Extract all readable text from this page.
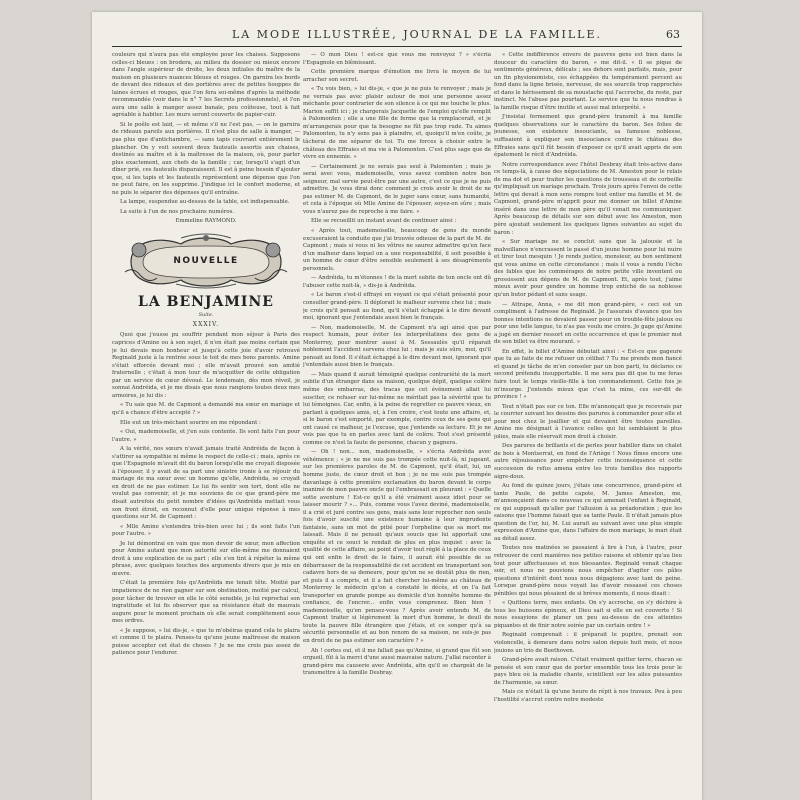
LA MODE ILLUSTRÉE, JOURNAL DE LA FAMILLE.	63

couleurs qui n'aura pas été employée pour les chaises. Supposons celles-ci bleues : on brodera, au milieu du dossier ou mieux encore dans l'angle supérieur de droite, les deux initiales du maître de la maison en plusieurs nuances bleues et rouges. On garnira les bords de devant des rideaux et des portières avec de petites houppes de laines écrues et rouges, que l'on fera soi-même d'après la méthode recommandée (voir dans le n° 7 les Secrets professionnels), et l'on aura une salle à manger assez banale, peu coûteuse, tout à fait agréable à habiter. Les murs seront couverts de papier-cuir.

Si le poêle est laid, — et même s'il ne l'est pas, — on le garnira de rideaux pareils aux portières. Il n'est plus de salle à manger, — pas plus que d'antichambre, — sans tapis couvrant entièrement le plancher. On y voit souvent deux fauteuils assortis aux chaises, destinés au maître et à la maîtresse de la maison, où, pour parler plus exactement, aux chefs de la famille ; car, lorsqu'il s'agit d'un dîner prié, ces fauteuils disparaissent. Il est à peine besoin d'ajouter que, si les tapis et les fauteuils représentent une dépense que l'on ne peut faire, on les supprime. J'indique ici le confort moderne, et ne puis le séparer des dépenses qu'il entraîne.

La lampe, suspendue au-dessus de la table, est indispensable.

La suite à l'un de nos prochains numéros.

Emmeline RAYMOND.
NOUVELLE
LA BENJAMINE
Suite.
XXXIV.

Quoi que j'eusse pu souffrir pendant mon séjour à Paris des caprices d'Amine ou à son sujet, il n'en était pas moins certain que je lui devais mon bonheur et jusqu'à cette joie d'avoir retrouvé Reginald juste à la rentrée sous le toit de mes bons parents. Amine s'était efforcée devant moi ; elle m'avait prouvé son amitié fraternelle ; c'était à mon tour de m'acquitter de cette obligation par un service de cœur dévoué. Le lendemain, dès mon réveil, je sonnai Andréida, et je me disais que nous rangions toutes deux mes armoires, je lui dis :

« Tu sais que M. de Capmont a demandé ma sœur en mariage et qu'il a chance d'être accepté ? »

Elle eut un très-méchant sourire en me répondant :

« Oui, mademoiselle, et j'en suis contente. Ils sont faits l'un pour l'autre. »

A la vérité, nos sœurs n'avait jamais traité Andréida de façon à s'attirer sa sympathie ni même le respect de celle-ci ; mais, après ce que l'Espagnole m'avait dit du baron lorsqu'elle me croyait disposée à l'épouser, il y avait de sa part une sinistre ironie à se réjouir du mariage de ma sœur avec un homme qu'elle, Andréida, se croyait en droit de ne pas estimer. Le lui fis sentir son tort, dont elle ne voulut pas convenir, et je me souviens de ce que grand-père me disait autrefois du petit nombre d'idées qu'Andréida mettait vous son front étroit, en reconnut d'elle pour unique réponse à mes questions sur M. de Capmont :

« Mlle Amine s'entendra très-bien avec lui ; ils sont faits l'un pour l'autre. »

Je lui démontrai en vain que mon devoir de sœur, mon affection pour Amine autant que mon autorité sur elle-même me donnaient droit à une explication de sa part ; elle s'en tint à répéter la même phrase, avec quelques touches des arguments divers que je mis en œuvre.

C'était la première fois qu'Andréida me tenait tête. Moitié par impatience de ne rien gagner sur son obstination, moitié par calcul, pour tâcher de trouver en elle le côté sensible, je lui reprochai son ingratitude et lui fis observer que sa résistance était de mauvais augure pour le moment prochain où elle serait complètement sous mes ordres.

« Je suppose, » lui dis-je, « que tu m'obéiras quand cela te plaira et comme il te plaira. Penses-tu qu'une jeune maîtresse de maison puisse accepter cet état de choses ? Je ne me crois pas assez de patience pour l'endurer.

— O mon Dieu ! est-ce que vous me renvoyez ? » s'écria l'Espagnole en blêmissant.

Cette première marque d'émotion me livra le moyen de lui arracher son secret.

« Tu vois bien, » lui dis-je, « que je ne puis te renvoyer ; mais je ne verrais pas avec plaisir autour de moi une personne assez méchante pour contrarier de son silence à ce qui me touche le plus. Marion suffit ici ; je chargerais Jacquette de l'emploi qu'elle remplit à Palomonten ; elle a une fille de ferme que la remplacerait, et je m'arrangerais pour que ta besogne ne fût pas trop rude. Tu aimes Palomonten, tu n'y sens pas à plaindre, et, quoiqu'il m'en coûte, je tâcherai de me séparer de toi. Tu me forces à choisir entre le château des Effraies et ma vie à Palomonten. C'est plus sage que de vivre en ennemie. »

— Certainement je ne serais pas seul à Palomonten ; mais je serai avec vous, mademoiselle, vous savez combien notre bon seigneur, mal servie peut-être par une autre, c'est ce que je ne puis admettre. Je vous dirai donc comment je crois avoir le droit de ne pas estimer M. de Capmont, de le juger sans cœur, sans humanité, et cela à l'époque où Mlle Amine de l'épouser, soyez-en sûre ; mais vous n'aurez pas de reproche à me faire. »

Elle se recueillit un instant avant de continuer ainsi :

« Après tout, mademoiselle, beaucoup de gens du monde excuseraient la conduite que j'ai trouvée odieuse de la part de M. de Capmont ; mais si vous ni les vôtres ne saurez admettre qu'en face d'un malheur dans lequel on a une responsabilité, il soit possible à un homme de cœur d'être sensible seulement à ses désagréments personnels.

— Andréida, tu m'étonnes ! de la mort subite de ton oncle ont dû l'abuser cette nuit-là, » dis-je à Andréida.

« Le baron s'est-il effrayé en voyant ce qui s'était présenté pour consulter grand-père. Il déplorait le malheur survenu chez lui ; mais je crois qu'il pensait au fond, qu'il s'était échappé à le dire devant moi, ignorant que j'entendais aussi bien le français.

— Non, mademoiselle, M. de Capmont n'a agi ainsi que par respect humain, pour éviter les interprétations des gens de Monterrey, pour montrer aussi à M. Sessaulès qu'il réparait noblement l'accident survenu chez lui ; mais je suis sûre, moi, qu'il pensait au fond. Il s'était échappé à le dire devant moi, ignorant que j'entendais aussi bien le français.

— Mais quand il aurait témoigné quelque contrariété de la mort subite d'un étranger dans sa maison, quelque dépit, quelque colère même des embarras, des tracas que cet événement allait lui susciter, ce refuser sur lui-même ne méritait pas la sévérité que tu lui témoignes. Car, enfin, à la peine de regretter ce pauvre vieux, en parlant à quelques amis, et, à l'en croire, c'est toute une affaire, et, si le baron s'est emporté, par exemple, contre ceux de ses gens qui ont causé ce malheur, je l'excuse, que j'entende sa lecture. Et je ne vois pas que tu en parles avec tant de colère. Tout s'est présenté comme ce n'est la faute de personne, chacun y gagnera.

— Oh ! non... non, mademoiselle, » s'écria Andréida avec véhémence ; « je ne me suis pas trompée cette nuit-là, ni jugeant, sur les premières paroles de M. de Capmont, qu'il était, lui, un homme juste, de cœur droit et bon ; je ne me suis pas trompée davantage à cette première exclamation du baron devant le corps inanimé de mon pauvre oncle qui l'embrassait en pleurant : « Quelle sotte aventure ! Est-ce qu'il a été vraiment assez idiot pour se laisser mourir ? »... Puis, comme vous l'avez deviné, mademoiselle, il a crié et juré contre ses gens, mais sans leur reprocher non seuls fois d'avoir suscité une existence humaine à leur imprudente fantaisie, sans un mot de pitié pour l'orpheline que sa mort me laissait. Mais il ne pensait qu'aux soucis que lui apportait une enquête et ce souci le rendait de plus en plus inquiet : avec la qualité de cette affaire, au point d'avoir tout réglé à la place de ceux qui ont enfin le droit de le faire, il aurait été possible de se débarrasser de la responsabilité de cet accident en transportant son cadavre hors de sa demeure, pour qu'on ne se doutât plus de rien, et puis il a compris, et il a fait chercher lui-même au château de Monterrey le médecin qu'on a constaté le décès, et on l'a fait transporter en grande pompe au domicile d'un honnête homme de confiance, de l'encrer... enfin vous comprenez. Bien bien ! mademoiselle, qu'en pensez-vous ? Après avoir entendu M. de Capmont traiter si légèrement la mort d'un homme, le deuil de toute la pauvre fille étrangère que j'étais, et ce songer qu'à sa sécurité personnelle et au bon renom de sa maison, ne suis-je pas en droit de ne pas estimer son caractère ? »

Ah ! certes oui, et il me fallait pas qu'Amine, si grand que fût son orgueil, fût à la merci d'une aussi mauvaise nature. J'allai raconter à grand-père ma causerie avec Andréida, afin qu'il se chargeât de la transmettre à la famille Desbray.

« Cette indifférence envers de pauvres gens est bien dans la douceur du caractère du baron, » me dit-il. « Il se pique de sentiments généreux, délicats ; ses dehors sont parfaits, mais, pour un fin physionomiste, ces échappées du tempérament percent au fond dans la ligne brisée, nerveuse, de ses sourcils trop rapprochés et dans le hérissement de sa moustache qui l'accroche, du reste, par instinct. Ne l'abuse pas pourtant. Le service que tu nous rendras à la famille risque d'être inutile et aussi mal interprété. »

J'insistai fermement que grand-père transmît à ma famille quelques observations sur le caractère du baron. Ses folies de jeunesse, son existence insouciante, sa fameuse noblesse, suffisaient à expliquer son insouciance contre le château des Effraies sans qu'il fût besoin d'exposer ce qu'il avait appris de son épatement le récit d'Andréida.

Notre correspondance avec l'hôtel Desbray était très-active dans ce temps-là, à cause des négociations de M. Ameston pour le relais de ma dot et pour traiter les questions de trousseau et de corbeille qu'impliquait un mariage prochain. Trois jours après l'envoi de cette lettre qui devait à mon sens rompre tout entier ma famille et M. de Capmont, grand-père m'apprit pour me donner un billet d'Amine inséré dans une lettre de mon père qu'il venait me communiquer. Après beaucoup de détails sur son début avec les Ameston, mon père ajoutait seulement les quelques lignes suivantes au sujet du baron :

« Sur mariage ne se conclut sans que la jalousie et la malveillance n'encrassent le passé d'un jeune homme pour lui nuire et tirer tout mesquin ! Je rends justice, monsieur, au bon sentiment qui vous anime en cette circonstance ; mais il vous a rendu l'écho des fables que les commérages de notre petite ville inventent ou grossissent aux dépens de M. de Capmont. Et, après tout, j'aime mieux avoir pour gendre un homme trop entiché de sa noblesse qu'un butor pédant et sans usage.

— Attrape, Anna, » me dit mon grand-père, « ceci est un compliment à l'adresse de Reginald. Je l'assurais d'avance que tes bonnes intentions ne devaient passer pour un trouble-fête jaloux ou pour une telle langue, tu n'as pas voulu me croire. Je gage qu'Amine a jugé en dernier ressort en cette occurrence et que le premier mot de son billet va être mourant. »

En effet, le billet d'Amine débutait ainsi : « Est-ce que gageure que tu as faite de me refuser un célibat ? Tu me prends mon fiancé et quand je tâche de m'en consoler par un bon parti, tu déclares ce second prétendu insupportable. Il me sera pas dit que tu me feras faire tout le temps vieille-fille à ton commandement. Cette fois je m'insurge. J'entends mieux que c'est ta mine, ces sur-dit de province ! »

Tout n'était pas sur ce ton. Elle m'annonçait que je recevrais par le courrier suivant les dessins des parures à commander pour elle et pour moi chez le joaillier et qui devaient être toutes pareilles. Amine me désignait à l'avance celles qui lui semblaient le plus jolies, mais elle réservait mon droit à choisir.

Des parures de brillants et de perles pour habiller dans un chalet de bois à Montserrat, en fond de l'Ariège ! Nous fîmes encore une autre réjouissance pour empêcher cette inconséquence et cette succession de refus amena entre les trois familles des rapports aigre-doux.

Au fond de quinze jours, j'étais une concurrence, grand-père et tante Paule, de petite capote, M. James Ameston, me, m'annonçaient dans ce nouveau ce qui amenait l'enfant à Reginald, ce qui supposait qu'aller par l'allusion à sa préadoration ; que les saisons que l'homme faisait que sa tante Paule. Il n'était jamais plus question de l'or, lui, M. Lui aurait au suivant avec une plus simple expression d'Amine que, dans l'affaire de mon mariage, le mari était au détail assez.

Toutes nos matinées se passaient à lire à l'un, à l'autre, pour retrouver de cent manières nos petites raisons et obtenir qu'au lieu tout pour affectueuses et nos blessantes. Reginald venait chaque soir, et nous ne pouvions nous empêcher d'agiter ces pâles questions d'intérêt dont nous nous dégagions avec tant de peine. Lorsque grand-père nous voyait las d'avoir ressassé ces choses pénibles qui nous pèsaient de si brèves moments, il nous disait :

« Quittons terre, mes enfants. On s'y accroche, on s'y déchire à tous les buissons épineux, et Dieu sait si elle en est couverte ! Si nous essayions de planer un peu au-dessus de ces atteintes piquantes et de finir notre soirée par un certain ordre ! »

Reginald comprenait : il préparait le pupitre, prenait son violoncelle, à demeure dans notre salon depuis huit mois, et nous jouions un trio de Beethoven.

Grand-père avait raison. C'était vraiment quitter terre, chacun se pensée et son cœur que de porter ensemble tous les trois pour le pays bleu où la maladie chante, scintillent sur les ailes puissantes de l'harmonie, sa sœur.

Mais ce n'était là qu'une heure de répit à nos travaux. Peu à peu l'hostilité s'accrut contre notre modeste
